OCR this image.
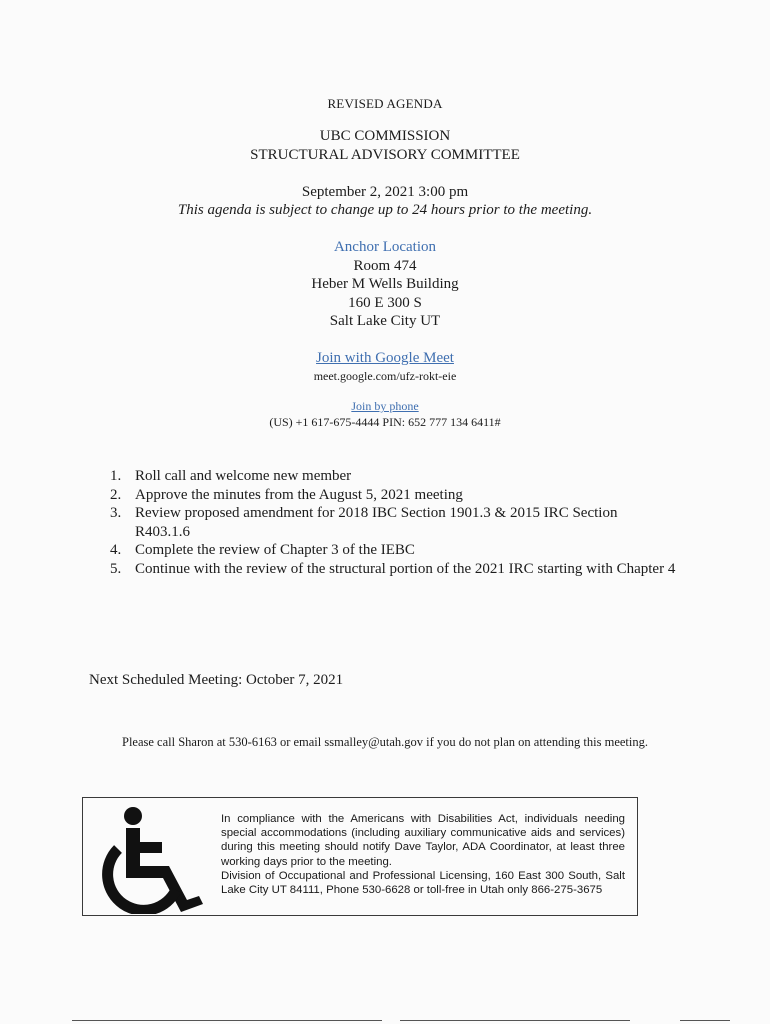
REVISED AGENDA
UBC COMMISSION
STRUCTURAL ADVISORY COMMITTEE
September 2, 2021 3:00 pm
This agenda is subject to change up to 24 hours prior to the meeting.
Anchor Location
Room 474
Heber M Wells Building
160 E 300 S
Salt Lake City UT
Join with Google Meet
meet.google.com/ufz-rokt-eie
Join by phone
(US) +1 617-675-4444 PIN: 652 777 134 6411#
1. Roll call and welcome new member
2. Approve the minutes from the August 5, 2021 meeting
3. Review proposed amendment for 2018 IBC Section 1901.3 & 2015 IRC Section R403.1.6
4. Complete the review of Chapter 3 of the IEBC
5. Continue with the review of the structural portion of the 2021 IRC starting with Chapter 4
Next Scheduled Meeting: October 7, 2021
Please call Sharon at 530-6163 or email ssmalley@utah.gov if you do not plan on attending this meeting.

In compliance with the Americans with Disabilities Act, individuals needing special accommodations (including auxiliary communicative aids and services) during this meeting should notify Dave Taylor, ADA Coordinator, at least three working days prior to the meeting.

Division of Occupational and Professional Licensing, 160 East 300 South, Salt Lake City UT 84111, Phone 530-6628 or toll-free in Utah only 866-275-3675
